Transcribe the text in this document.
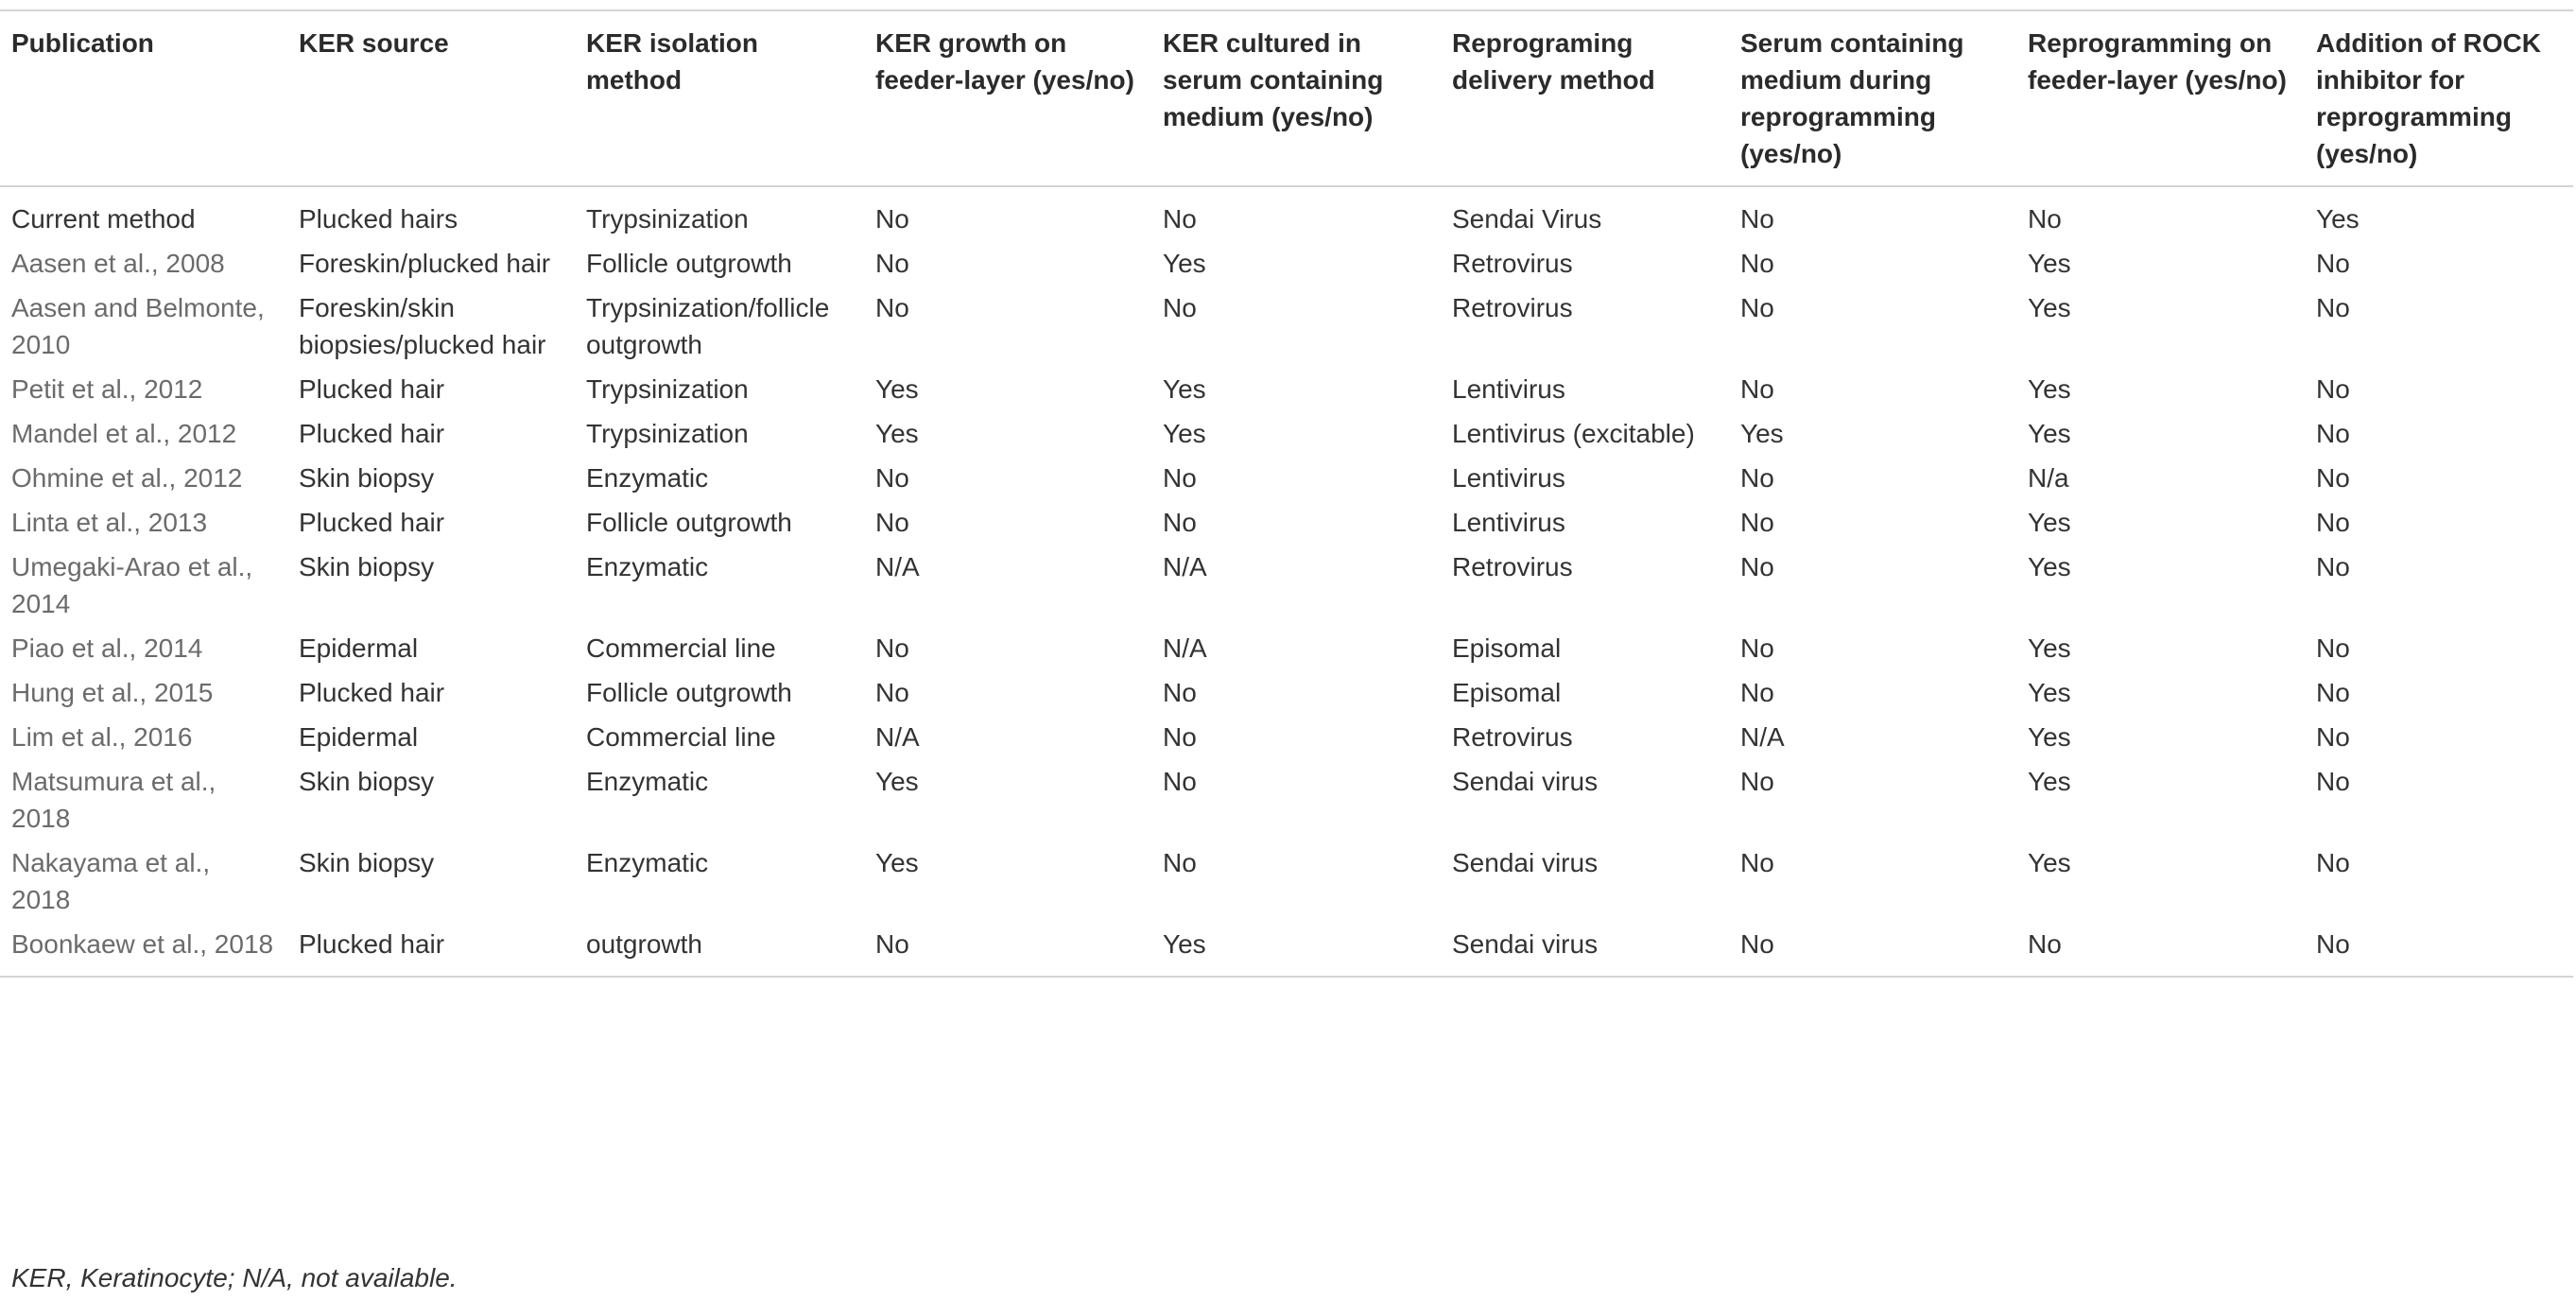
Publication	KER source	KER isolation method	KER growth on feeder-layer (yes/no)	KER cultured in serum containing medium (yes/no)	Reprograming delivery method	Serum containing medium during reprogramming (yes/no)	Reprogramming on feeder-layer (yes/no)	Addition of ROCK inhibitor for reprogramming (yes/no)
Current method	Plucked hairs	Trypsinization	No	No	Sendai Virus	No	No	Yes
Aasen et al., 2008	Foreskin/plucked hair	Follicle outgrowth	No	Yes	Retrovirus	No	Yes	No
Aasen and Belmonte, 2010	Foreskin/skin biopsies/plucked hair	Trypsinization/follicle outgrowth	No	No	Retrovirus	No	Yes	No
Petit et al., 2012	Plucked hair	Trypsinization	Yes	Yes	Lentivirus	No	Yes	No
Mandel et al., 2012	Plucked hair	Trypsinization	Yes	Yes	Lentivirus (excitable)	Yes	Yes	No
Ohmine et al., 2012	Skin biopsy	Enzymatic	No	No	Lentivirus	No	N/a	No
Linta et al., 2013	Plucked hair	Follicle outgrowth	No	No	Lentivirus	No	Yes	No
Umegaki-Arao et al., 2014	Skin biopsy	Enzymatic	N/A	N/A	Retrovirus	No	Yes	No
Piao et al., 2014	Epidermal	Commercial line	No	N/A	Episomal	No	Yes	No
Hung et al., 2015	Plucked hair	Follicle outgrowth	No	No	Episomal	No	Yes	No
Lim et al., 2016	Epidermal	Commercial line	N/A	No	Retrovirus	N/A	Yes	No
Matsumura et al., 2018	Skin biopsy	Enzymatic	Yes	No	Sendai virus	No	Yes	No
Nakayama et al., 2018	Skin biopsy	Enzymatic	Yes	No	Sendai virus	No	Yes	No
Boonkaew et al., 2018	Plucked hair	outgrowth	No	Yes	Sendai virus	No	No	No
KER, Keratinocyte; N/A, not available.
